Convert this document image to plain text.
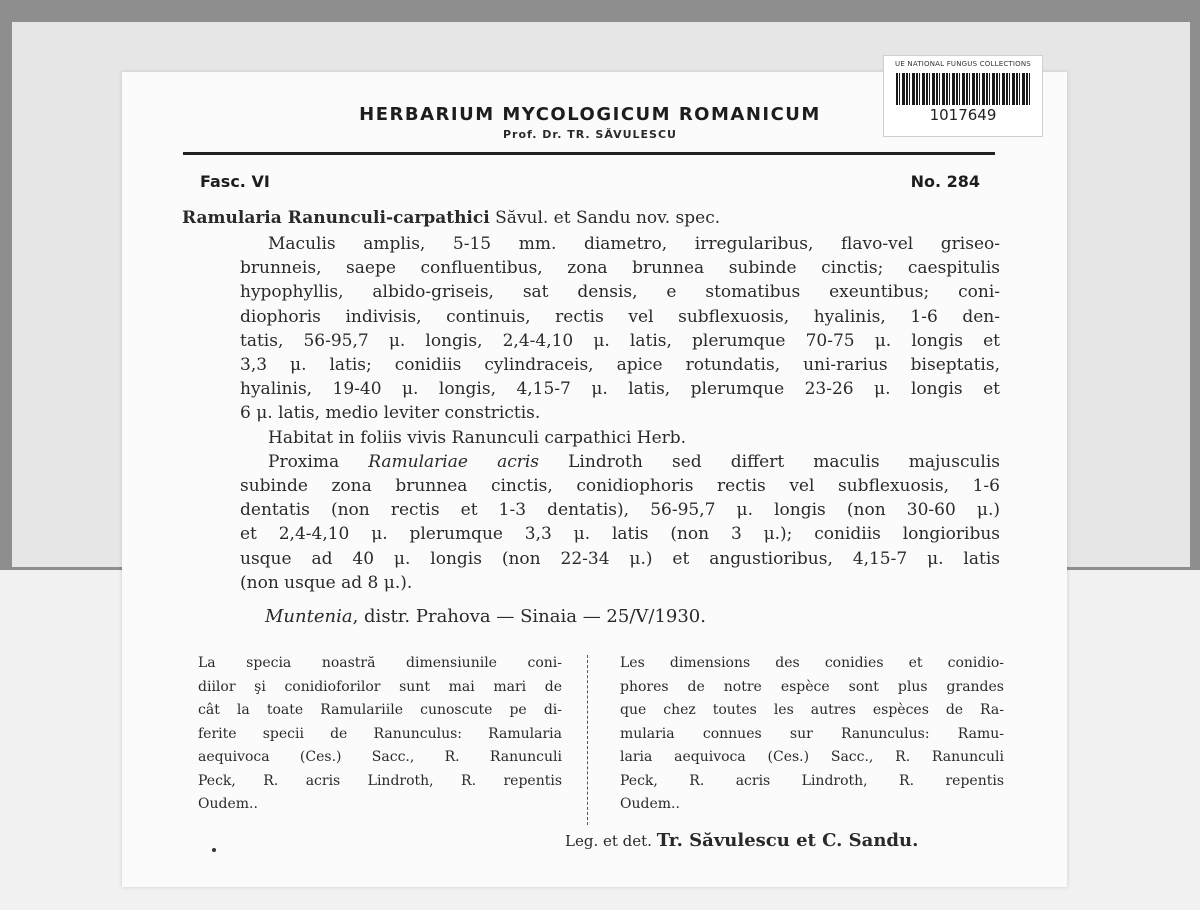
UE NATIONAL FUNGUS COLLECTIONS
1017649
HERBARIUM MYCOLOGICUM ROMANICUM
Prof. Dr. TR. SĂVULESCU
Fasc. VI	No. 284
Ramularia Ranunculi-carpathici Săvul. et Sandu nov. spec.
Maculis amplis, 5-15 mm. diametro, irregularibus, flavo-vel griseo-
brunneis, saepe confluentibus, zona brunnea subinde cinctis; caespitulis
hypophyllis, albido-griseis, sat densis, e stomatibus exeuntibus; coni-
diophoris indivisis, continuis, rectis vel subflexuosis, hyalinis, 1-6 den-
tatis, 56-95,7 μ. longis, 2,4-4,10 μ. latis, plerumque 70-75 μ. longis et
3,3 μ. latis; conidiis cylindraceis, apice rotundatis, uni-rarius biseptatis,
hyalinis, 19-40 μ. longis, 4,15-7 μ. latis, plerumque 23-26 μ. longis et
6 μ. latis, medio leviter constrictis.
Habitat in foliis vivis Ranunculi carpathici Herb.
Proxima Ramulariae acris Lindroth sed differt maculis majusculis
subinde zona brunnea cinctis, conidiophoris rectis vel subflexuosis, 1-6
dentatis (non rectis et 1-3 dentatis), 56-95,7 μ. longis (non 30-60 μ.)
et 2,4-4,10 μ. plerumque 3,3 μ. latis (non 3 μ.); conidiis longioribus
usque ad 40 μ. longis (non 22-34 μ.) et angustioribus, 4,15-7 μ. latis
(non usque ad 8 μ.).
Muntenia, distr. Prahova — Sinaia — 25/V/1930.
La specia noastră dimensiunile coni-
diilor şi conidioforilor sunt mai mari de
cât la toate Ramulariile cunoscute pe di-
ferite specii de Ranunculus: Ramularia
aequivoca (Ces.) Sacc., R. Ranunculi
Peck, R. acris Lindroth, R. repentis
Oudem..
Les dimensions des conidies et conidio-
phores de notre espèce sont plus grandes
que chez toutes les autres espèces de Ra-
mularia connues sur Ranunculus: Ramu-
laria aequivoca (Ces.) Sacc., R. Ranunculi
Peck, R. acris Lindroth, R. repentis
Oudem..
Leg. et det. Tr. Săvulescu et C. Sandu.
